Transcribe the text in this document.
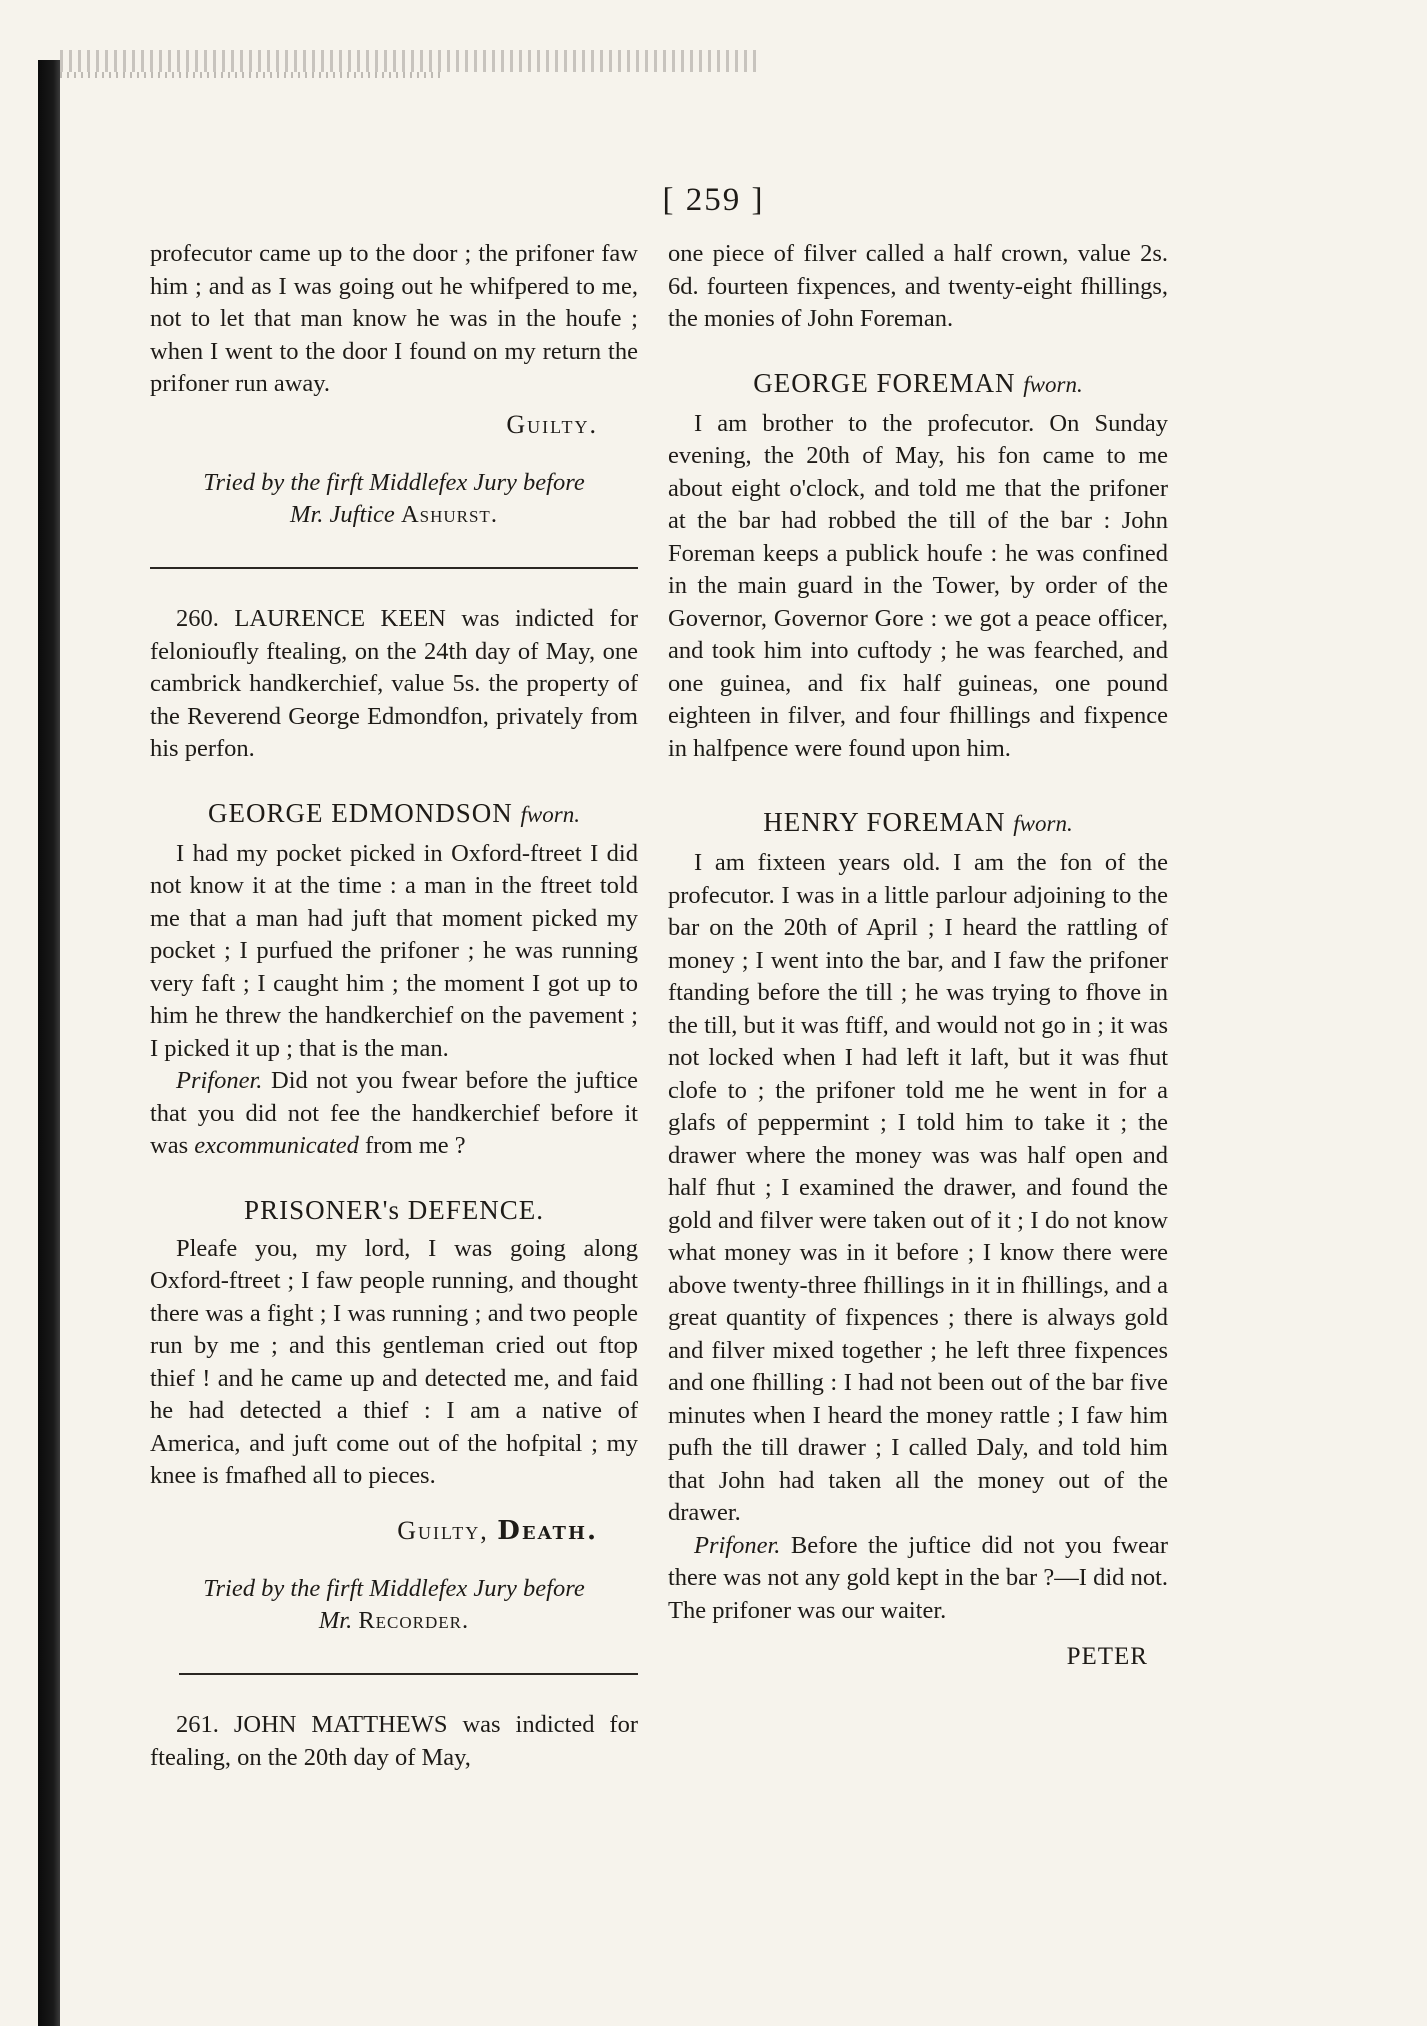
[ 259 ]

profecutor came up to the door ; the prifoner faw him ; and as I was going out he whifpered to me, not to let that man know he was in the houfe ; when I went to the door I found on my return the prifoner run away.

Guilty.
Tried by the firft Middlefex Jury before
Mr. Juftice Ashurst.

260. LAURENCE KEEN was indicted for felonioufly ftealing, on the 24th day of May, one cambrick handkerchief, value 5s. the property of the Reverend George Edmondfon, privately from his perfon.

GEORGE EDMONDSON fworn.

I had my pocket picked in Oxford-ftreet I did not know it at the time : a man in the ftreet told me that a man had juft that moment picked my pocket ; I purfued the prifoner ; he was running very faft ; I caught him ; the moment I got up to him he threw the handkerchief on the pavement ; I picked it up ; that is the man.

Prifoner. Did not you fwear before the juftice that you did not fee the handkerchief before it was excommunicated from me ?

PRISONER's DEFENCE.

Pleafe you, my lord, I was going along Oxford-ftreet ; I faw people running, and thought there was a fight ; I was running ; and two people run by me ; and this gentleman cried out ftop thief ! and he came up and detected me, and faid he had detected a thief : I am a native of America, and juft come out of the hofpital ; my knee is fmafhed all to pieces.

Guilty, Death.
Tried by the firft Middlefex Jury before
Mr. Recorder.

261. JOHN MATTHEWS was indicted for ftealing, on the 20th day of May,

one piece of filver called a half crown, value 2s. 6d. fourteen fixpences, and twenty-eight fhillings, the monies of John Foreman.

GEORGE FOREMAN fworn.

I am brother to the profecutor. On Sunday evening, the 20th of May, his fon came to me about eight o'clock, and told me that the prifoner at the bar had robbed the till of the bar : John Foreman keeps a publick houfe : he was confined in the main guard in the Tower, by order of the Governor, Governor Gore : we got a peace officer, and took him into cuftody ; he was fearched, and one guinea, and fix half guineas, one pound eighteen in filver, and four fhillings and fixpence in halfpence were found upon him.

HENRY FOREMAN fworn.

I am fixteen years old. I am the fon of the profecutor. I was in a little parlour adjoining to the bar on the 20th of April ; I heard the rattling of money ; I went into the bar, and I faw the prifoner ftanding before the till ; he was trying to fhove in the till, but it was ftiff, and would not go in ; it was not locked when I had left it laft, but it was fhut clofe to ; the prifoner told me he went in for a glafs of peppermint ; I told him to take it ; the drawer where the money was was half open and half fhut ; I examined the drawer, and found the gold and filver were taken out of it ; I do not know what money was in it before ; I know there were above twenty-three fhillings in it in fhillings, and a great quantity of fixpences ; there is always gold and filver mixed together ; he left three fixpences and one fhilling : I had not been out of the bar five minutes when I heard the money rattle ; I faw him pufh the till drawer ; I called Daly, and told him that John had taken all the money out of the drawer.

Prifoner. Before the juftice did not you fwear there was not any gold kept in the bar ?—I did not. The prifoner was our waiter.

PETER
